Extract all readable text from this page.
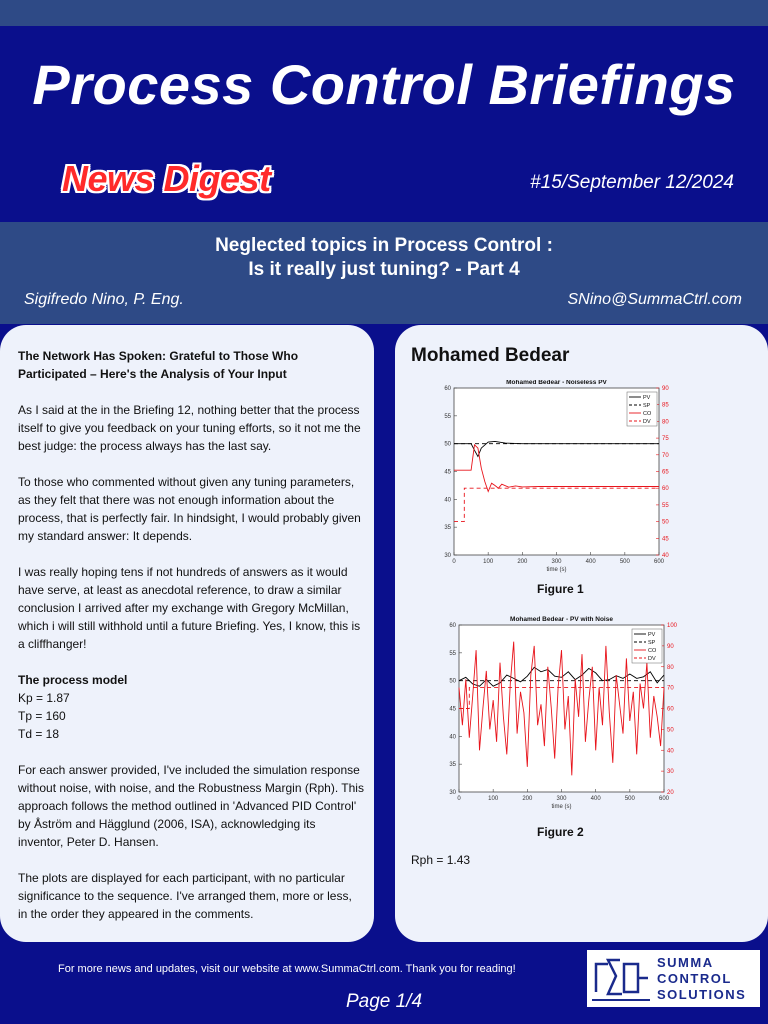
Process Control Briefings
News Digest	#15/September 12/2024
Neglected topics in Process Control :
Is it really just tuning? - Part 4
Sigifredo Nino, P. Eng.	SNino@SummaCtrl.com

The Network Has Spoken: Grateful to Those Who Participated – Here's the Analysis of Your Input

As I said at the in the Briefing 12, nothing better that the process itself to give you feedback on your tuning efforts, so it not me the best judge: the process always has the last say.

To those who commented without given any tuning parameters, as they felt that there was not enough information about the process, that is perfectly fair. In hindsight, I would probably given my standard answer: It depends.

I was really hoping tens if not hundreds of answers as it would have serve, at least as anecdotal reference, to draw a similar conclusion I arrived after my exchange with Gregory McMillan, which i will still withhold until a future Briefing. Yes, I know, this is a cliffhanger!

The process model
Kp = 1.87
Tp = 160
Td = 18

For each answer provided, I've included the simulation response without noise, with noise, and the Robustness Margin (Rph). This approach follows the method outlined in 'Advanced PID Control' by Åström and Hägglund (2006, ISA), acknowledging its inventor, Peter D. Hansen.

The plots are displayed for each participant, with no particular significance to the sequence. I've arranged them, more or less, in the order they appeared in the comments.

Mohamed Bedear
Mohamed Bedear - Noiseless PV
0	100	200	300	400	500	600
time (s)
30
35
40
45
50
55
60
40
45
50
55
60
65
70
75
80
85
90
PV
SP
CO
DV
Figure 1
Mohamed Bedear - PV with Noise
0	100	200	300	400	500	600
time (s)
30
35
40
45
50
55
60
20
30
40
50
60
70
80
90
100
PV
SP
CO
DV
Figure 2
Rph = 1.43
For more news and updates, visit our website at www.SummaCtrl.com. Thank you for reading!
Page 1/4
SUMMA
CONTROL
SOLUTIONS
